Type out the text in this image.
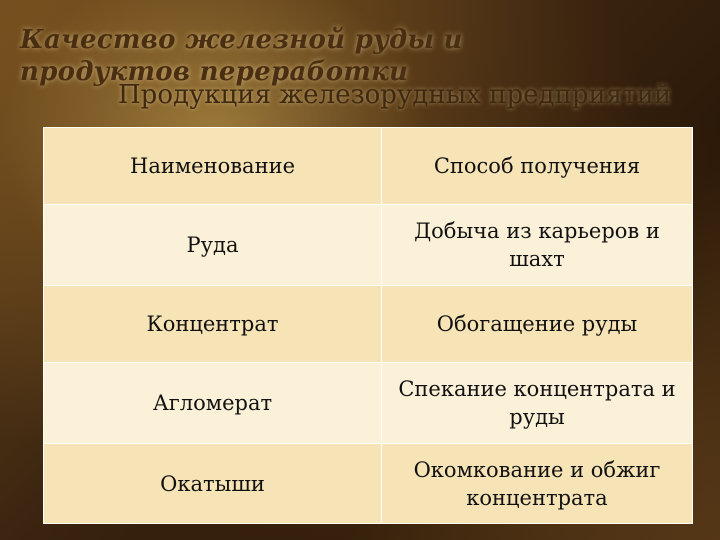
Качество железной руды и продуктов переработки
Продукция железорудных предприятий
Наименование	Способ получения
Руда	Добыча из карьеров и шахт
Концентрат	Обогащение руды
Агломерат	Спекание концентрата и руды
Окатыши	Окомкование и обжиг концентрата
